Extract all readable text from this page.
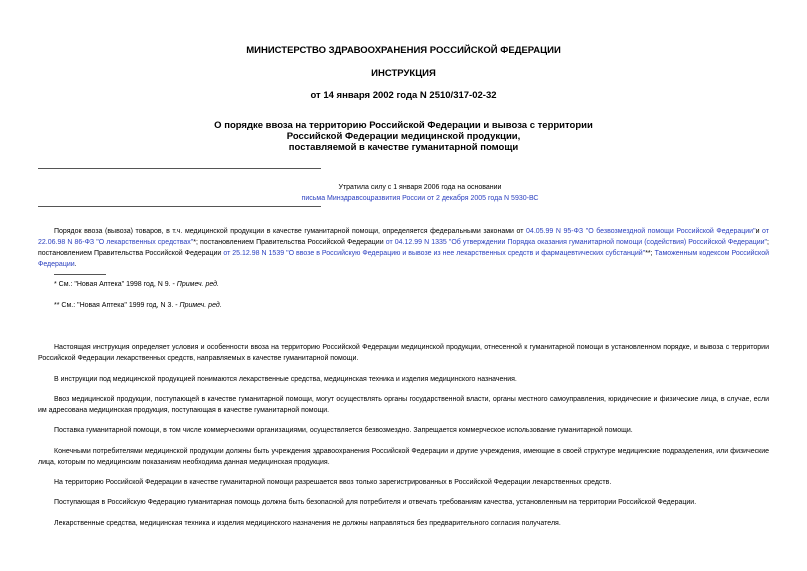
МИНИСТЕРСТВО ЗДРАВООХРАНЕНИЯ РОССИЙСКОЙ ФЕДЕРАЦИИ
ИНСТРУКЦИЯ
от 14 января 2002 года N 2510/317-02-32
О порядке ввоза на территорию Российской Федерации и вывоза с территории
Российской Федерации медицинской продукции,
поставляемой в качестве гуманитарной помощи
Утратила силу с 1 января 2006 года на основании
письма Минздравсоцразвития России от 2 декабря 2005 года N 5930-ВС
Порядок ввоза (вывоза) товаров, в т.ч. медицинской продукции в качестве гуманитарной помощи, определяется федеральными законами от 04.05.99 N 95-ФЗ "О безвозмездной помощи Российской Федерации"и от 22.06.98 N 86-ФЗ "О лекарственных средствах"*; постановлением Правительства Российской Федерации от 04.12.99 N 1335 "Об утверждении Порядка оказания гуманитарной помощи (содействия) Российской Федерации"; постановлением Правительства Российской Федерации от 25.12.98 N 1539 "О ввозе в Российскую Федерацию и вывозе из нее лекарственных средств и фармацевтических субстанций"**; Таможенным кодексом Российской Федерации.
* См.: "Новая Аптека" 1998 год, N 9. - Примеч. ред.
** См.: "Новая Аптека" 1999 год, N 3. - Примеч. ред.
Настоящая инструкция определяет условия и особенности ввоза на территорию Российской Федерации медицинской продукции, отнесенной к гуманитарной помощи в установленном порядке, и вывоза с территории Российской Федерации лекарственных средств, направляемых в качестве гуманитарной помощи.
В инструкции под медицинской продукцией понимаются лекарственные средства, медицинская техника и изделия медицинского назначения.
Ввоз медицинской продукции, поступающей в качестве гуманитарной помощи, могут осуществлять органы государственной власти, органы местного самоуправления, юридические и физические лица, в случае, если им адресована медицинская продукция, поступающая в качестве гуманитарной помощи.
Поставка гуманитарной помощи, в том числе коммерческими организациями, осуществляется безвозмездно. Запрещается коммерческое использование гуманитарной помощи.
Конечными потребителями медицинской продукции должны быть учреждения здравоохранения Российской Федерации и другие учреждения, имеющие в своей структуре медицинские подразделения, или физические лица, которым по медицинским показаниям необходима данная медицинская продукция.
На территорию Российской Федерации в качестве гуманитарной помощи разрешается ввоз только зарегистрированных в Российской Федерации лекарственных средств.
Поступающая в Российскую Федерацию гуманитарная помощь должна быть безопасной для потребителя и отвечать требованиям качества, установленным на территории Российской Федерации.
Лекарственные средства, медицинская техника и изделия медицинского назначения не должны направляться без предварительного согласия получателя.
